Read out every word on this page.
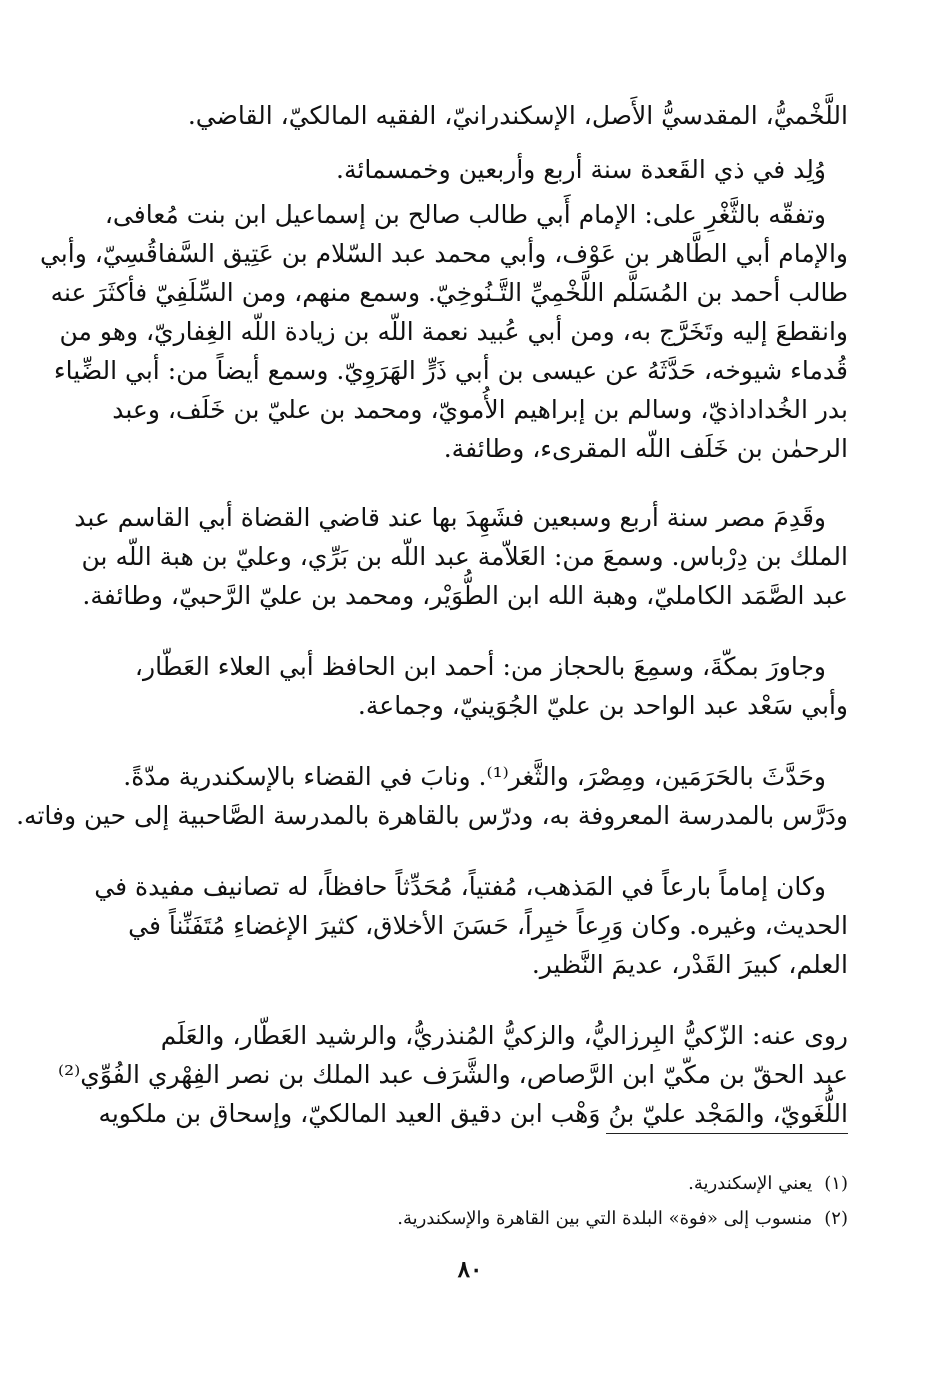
اللَّخْميُّ، المقدسيُّ الأَصل، الإسكندرانيّ، الفقيه المالكيّ، القاضي.

وُلِد في ذي القَعدة سنة أربع وأربعين وخمسمائة.

وتفقّه بالثَّغْرِ على: الإمام أَبي طالب صالح بن إسماعيل ابن بنت مُعافى،
والإمام أبي الطَّاهر بن عَوْف، وأبي محمد عبد السّلام بن عَتِيق السَّفاقُسِيّ، وأبي
طالب أحمد بن المُسَلَّم اللَّخْمِيِّ التَّـنُوخِيّ. وسمع منهم، ومن السِّلَفِيّ فأكثَرَ عنه
وانقطعَ إليه وتَخَرَّج به، ومن أبي عُبيد نعمة اللّه بن زيادة اللّه الغِفاريّ، وهو من
قُدماء شيوخه، حَدَّثَهُ عن عيسى بن أبي ذَرٍّ الهَرَوِيّ. وسمع أيضاً من: أبي الضِّياء
بدر الخُداداذيّ، وسالم بن إبراهيم الأُمويّ، ومحمد بن عليّ بن خَلَف، وعبد
الرحمٰن بن خَلَف اللّه المقرىء، وطائفة.

وقَدِمَ مصر سنة أربع وسبعين فشَهِدَ بها عند قاضي القضاة أبي القاسم عبد
الملك بن دِرْباس. وسمعَ من: العَلاّمة عبد اللّه بن بَرِّي، وعليّ بن هبة اللّه بن
عبد الصَّمَد الكامليّ، وهبة الله ابن الطُّوَيْر، ومحمد بن عليّ الرَّحبيّ، وطائفة.

وجاورَ بمكّةَ، وسمِعَ بالحجاز من: أحمد ابن الحافظ أبي العلاء العَطّار،
وأبي سَعْد عبد الواحد بن عليّ الجُوَينيّ، وجماعة.

وحَدَّثَ بالحَرَمَين، ومِصْرَ، والثَّغر⁽¹⁾. ونابَ في القضاء بالإسكندرية مدّةً.
ودَرَّس بالمدرسة المعروفة به، ودرّس بالقاهرة بالمدرسة الصَّاحبية إلى حين وفاته.

وكان إماماً بارعاً في المَذهب، مُفتياً، مُحَدِّثاً حافظاً، له تصانيف مفيدة في
الحديث، وغيره. وكان وَرِعاً خيِراً، حَسَنَ الأخلاق، كثيرَ الإغضاءِ مُتَفَنِّناً في
العلم، كبيرَ القَدْر، عديمَ النَّظير.

روى عنه: الزّكيُّ البِرزاليُّ، والزكيُّ المُنذريُّ، والرشيد العَطّار، والعَلَم
عبد الحقّ بن مكّيّ ابن الرَّصاص، والشَّرَف عبد الملك بن نصر الفِهْري الفُوِّي⁽²⁾
اللُّغَويّ، والمَجْد عليّ بنُ وَهْب ابن دقيق العيد المالكيّ، وإسحاق بن ملكويه

(١)يعني الإسكندرية.
(٢)منسوب إلى «فوة» البلدة التي بين القاهرة والإسكندرية.
٨٠
